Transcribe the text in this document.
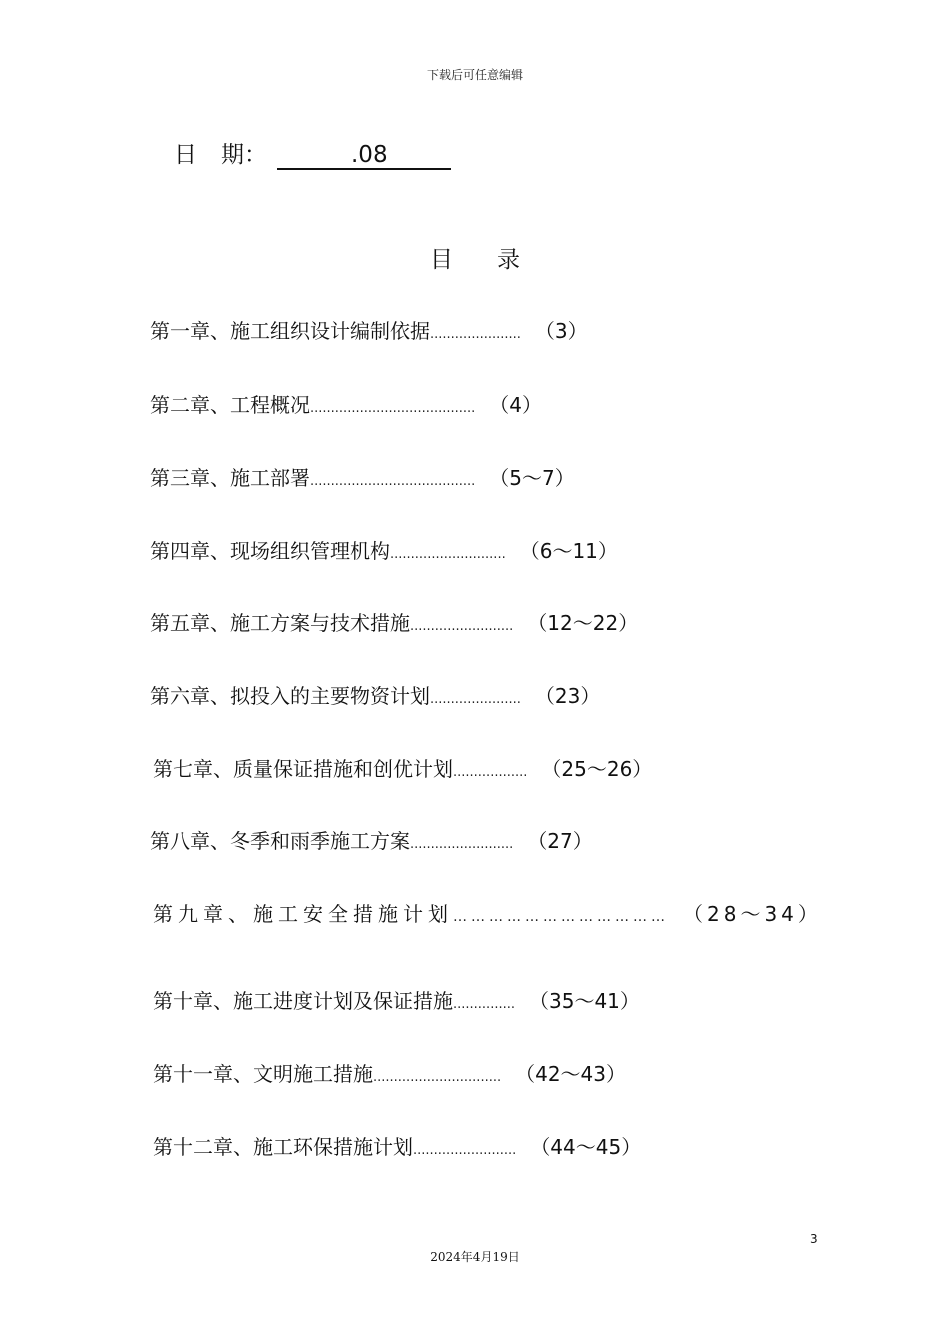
下载后可任意编辑
日 期：	.08
目 录
第一章、施工组织设计编制依据 ...................... （3）
第二章、工程概况 ........................................ （4）
第三章、施工部署 ........................................ （5～7）
第四章、现场组织管理机构 ............................ （6～11）
第五章、施工方案与技术措施 ......................... （12～22）
第六章、拟投入的主要物资计划 ...................... （23）
第七章、质量保证措施和创优计划 .................. （25～26）
第八章、冬季和雨季施工方案 ......................... （27）
第九章、施工安全措施计划 ……………………………… （28～34）
第十章、施工进度计划及保证措施 ............... （35～41）
第十一章、文明施工措施 ............................... （42～43）
第十二章、施工环保措施计划 ......................... （44～45）
3
2024年4月19日
